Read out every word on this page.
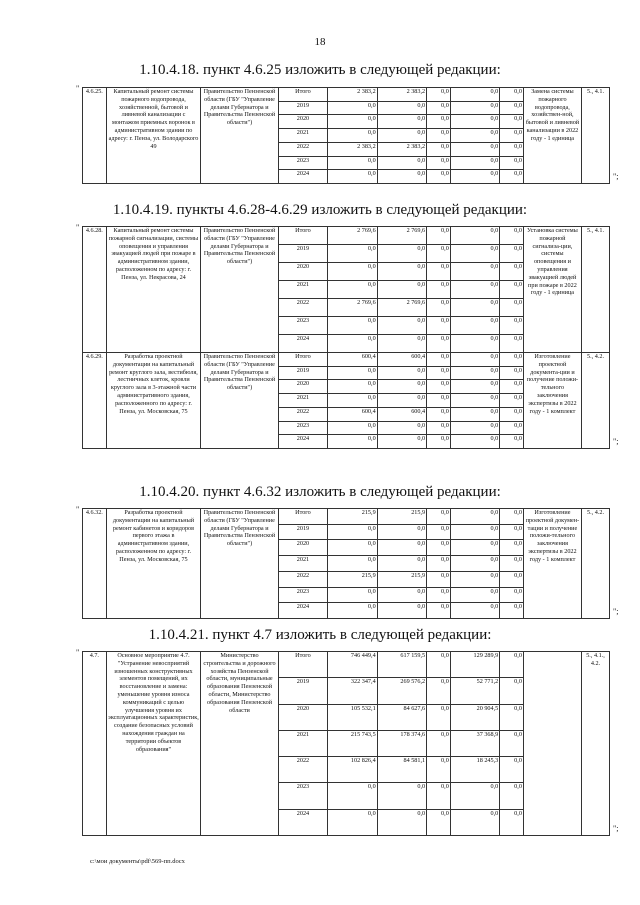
18
1.10.4.18. пункт 4.6.25 изложить в следующей редакции:
1.10.4.19. пункты 4.6.28-4.6.29 изложить в следующей редакции:
1.10.4.20. пункт 4.6.32 изложить в следующей редакции:
1.10.4.21. пункт 4.7 изложить в следующей редакции:
4.6.25.	Капитальный ремонт системы пожарного водопровода, хозяйственной, бытовой и ливневой канализации с монтажом приемных воронок в административном здании по адресу: г. Пенза, ул. Володарского 49	Правительство Пензенской области (ГБУ "Управление делами Губернатора и Правительства Пензенской области")	Итого	2 383,2	2 383,2	0,0	0,0	0,0	Замена системы пожарного водопровода, хозяйствен-ной, бытовой и ливневой канализации в 2022 году - 1 единица	5., 4.1.
			2019	0,0	0,0	0,0	0,0	0,0		
			2020	0,0	0,0	0,0	0,0	0,0		
			2021	0,0	0,0	0,0	0,0	0,0		
			2022	2 383,2	2 383,2	0,0	0,0	0,0		
			2023	0,0	0,0	0,0	0,0	0,0		
			2024	0,0	0,0	0,0	0,0	0,0		
4.6.28.	Капитальный ремонт системы пожарной сигнализации, системы оповещения и управления эвакуацией людей при пожаре в административном здании, расположенном по адресу: г. Пенза, ул. Некрасова, 24	Правительство Пензенской области (ГБУ "Управление делами Губернатора и Правительства Пензенской области")	Итого	2 769,6	2 769,6	0,0	0,0	0,0	Установка системы пожарной сигнализа-ции, системы оповещения и управления эвакуацией людей при пожаре в 2022 году - 1 единица	5., 4.1.
			2019	0,0	0,0	0,0	0,0	0,0		
			2020	0,0	0,0	0,0	0,0	0,0		
			2021	0,0	0,0	0,0	0,0	0,0		
			2022	2 769,6	2 769,6	0,0	0,0	0,0		
			2023	0,0	0,0	0,0	0,0	0,0		
			2024	0,0	0,0	0,0	0,0	0,0		
4.6.29.	Разработка проектной документации на капитальный ремонт круглого зала, вестибюля, лестничных клеток, кровли круглого зала в 3-этажной части административного здания, расположенного по адресу: г. Пенза, ул. Московская, 75	Правительство Пензенской области (ГБУ "Управление делами Губернатора и Правительства Пензенской области")	Итого	600,4	600,4	0,0	0,0	0,0	Изготовление проектной документа-ции и получение положи-тельного заключения экспертизы в 2022 году - 1 комплект	5., 4.2.
			2019	0,0	0,0	0,0	0,0	0,0		
			2020	0,0	0,0	0,0	0,0	0,0		
			2021	0,0	0,0	0,0	0,0	0,0		
			2022	600,4	600,4	0,0	0,0	0,0		
			2023	0,0	0,0	0,0	0,0	0,0		
			2024	0,0	0,0	0,0	0,0	0,0		
4.6.32.	Разработка проектной документации на капитальный ремонт кабинетов и коридоров первого этажа в административном здании, расположенном по адресу: г. Пенза, ул. Московская, 75	Правительство Пензенской области (ГБУ "Управление делами Губернатора и Правительства Пензенской области")	Итого	215,9	215,9	0,0	0,0	0,0	Изготовление проектной докумен-тации и получение положи-тельного заключения экспертизы в 2022 году - 1 комплект	5., 4.2.
			2019	0,0	0,0	0,0	0,0	0,0		
			2020	0,0	0,0	0,0	0,0	0,0		
			2021	0,0	0,0	0,0	0,0	0,0		
			2022	215,9	215,9	0,0	0,0	0,0		
			2023	0,0	0,0	0,0	0,0	0,0		
			2024	0,0	0,0	0,0	0,0	0,0		
4.7.	Основное мероприятие 4.7. "Устранение невосприятий изношенных конструктивных элементов помещений, их восстановление и замена: уменьшение уровня износа коммуникаций с целью улучшения уровня их эксплуатационных характеристик, создание безопасных условий нахождения граждан на территории объектов образования"	Министерство строительства и дорожного хозяйства Пензенской области, муниципальные образования Пензенской области, Министерство образования Пензенской области	Итого	746 449,4	617 159,5	0,0	129 289,9	0,0		5., 4.1., 4.2.
			2019	322 347,4	269 576,2	0,0	52 771,2	0,0		
			2020	105 532,1	84 627,6	0,0	20 904,5	0,0		
			2021	215 743,5	178 374,6	0,0	37 368,9	0,0		
			2022	102 826,4	84 581,1	0,0	18 245,3	0,0		
			2023	0,0	0,0	0,0	0,0	0,0		
			2024	0,0	0,0	0,0	0,0	0,0		
c:\мои документы\pdf\569-пп.docx
"
";
"
";
"
";
"
";
